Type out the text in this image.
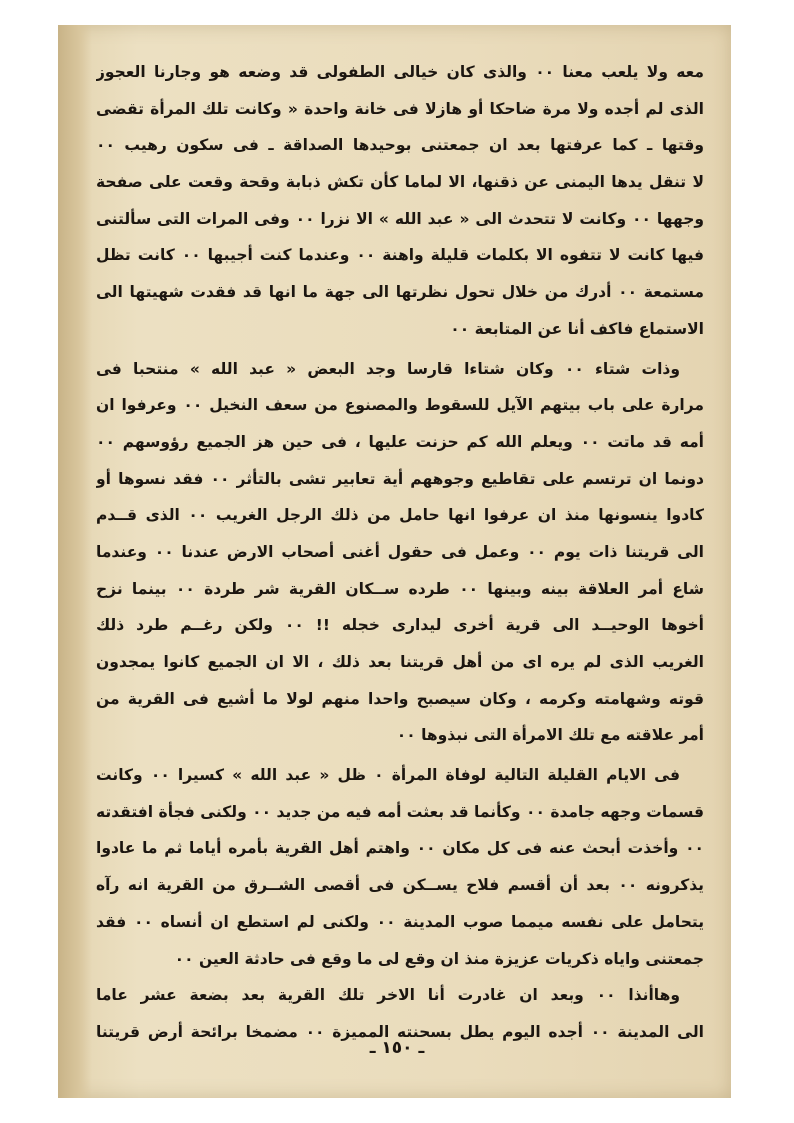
معه ولا يلعب معنا ٠٠ والذى كان خيالى الطفولى قد وضعه هو وجارنا العجوز
الذى لم أجده ولا مرة ضاحكا أو هازلا فى خانة واحدة « وكانت تلك المرأة تقضى
وقتها ـ كما عرفتها بعد ان جمعتنى بوحيدها الصداقة ـ فى سكون رهيب ٠٠
لا تنقل يدها اليمنى عن ذقنها، الا لماما كأن تكش ذبابة وقحة وقعت على صفحة
وجهها ٠٠ وكانت لا تتحدث الى « عبد الله » الا نزرا ٠٠ وفى المرات التى سألتنى
فيها كانت لا تتفوه الا بكلمات قليلة واهنة ٠٠ وعندما كنت أجيبها ٠٠ كانت تظل
مستمعة ٠٠ أدرك من خلال تحول نظرتها الى جهة ما انها قد فقدت شهيتها الى
الاستماع فاكف أنا عن المتابعة ٠٠
وذات شتاء ٠٠ وكان شتاءا قارسا وجد البعض « عبد الله » منتحبا فى
مرارة على باب بيتهم الآيل للسقوط والمصنوع من سعف النخيل ٠٠ وعرفوا ان
أمه قد ماتت ٠٠ ويعلم الله كم حزنت عليها ، فى حين هز الجميع رؤوسهم ٠٠
دونما ان ترتسم على تقاطيع وجوههم أية تعابير تشى بالتأثر ٠٠ فقد نسوها أو
كادوا ينسونها منذ ان عرفوا انها حامل من ذلك الرجل الغريب ٠٠ الذى قــدم
الى قريتنا ذات يوم ٠٠ وعمل فى حقول أغنى أصحاب الارض عندنا ٠٠ وعندما
شاع أمر العلاقة بينه وبينها ٠٠ طرده ســكان القرية شر طردة ٠٠ بينما نزح
أخوها الوحيــد الى قرية أخرى ليدارى خجله !! ٠٠ ولكن رغــم طرد ذلك
الغريب الذى لم يره اى من أهل قريتنا بعد ذلك ، الا ان الجميع كانوا يمجدون
قوته وشهامته وكرمه ، وكان سيصبح واحدا منهم لولا ما أشيع فى القرية من
أمر علاقته مع تلك الامرأة التى نبذوها ٠٠
فى الايام القليلة التالية لوفاة المرأة ٠ ظل « عبد الله » كسيرا ٠٠ وكانت
قسمات وجهه جامدة ٠٠ وكأنما قد بعثت أمه فيه من جديد ٠٠ ولكنى فجأة افتقدته
٠٠ وأخذت أبحث عنه فى كل مكان ٠٠ واهتم أهل القرية بأمره أياما ثم ما عادوا
يذكرونه ٠٠ بعد أن أقسم فلاح يســكن فى أقصى الشــرق من القرية انه رآه
يتحامل على نفسه ميمما صوب المدينة ٠٠ ولكنى لم استطع ان أنساه ٠٠ فقد
جمعتنى واياه ذكريات عزيزة منذ ان وقع لى ما وقع فى حادثة العين ٠٠
وهاأنذا ٠٠ وبعد ان غادرت أنا الاخر تلك القرية بعد بضعة عشر عاما
الى المدينة ٠٠ أجده اليوم يطل بسحنته المميزة ٠٠ مضمخا برائحة أرض قريتنا
ـ ١٥٠ ـ
